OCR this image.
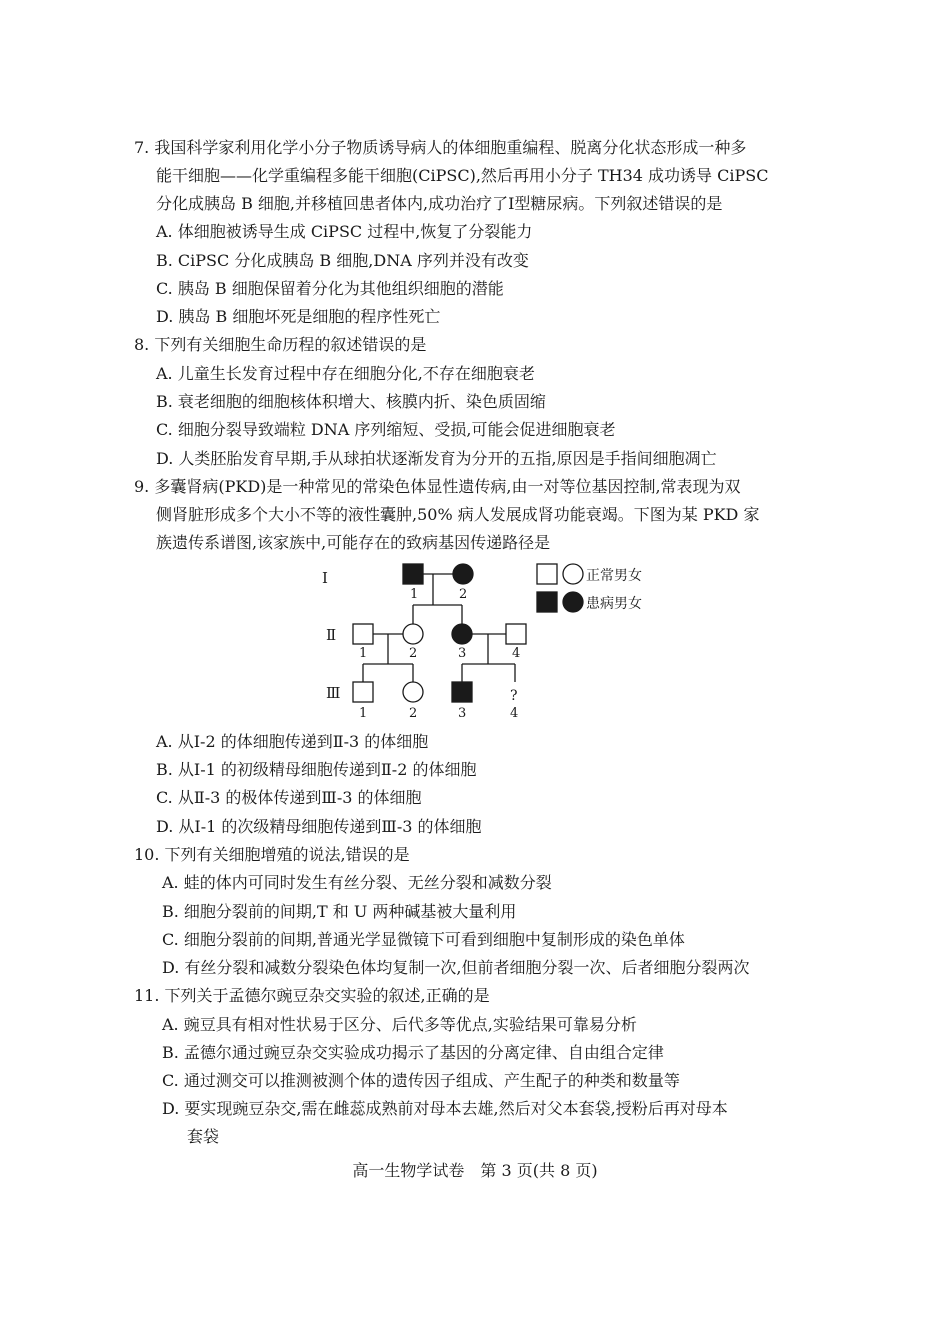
7. 我国科学家利用化学小分子物质诱导病人的体细胞重编程、脱离分化状态形成一种多
能干细胞——化学重编程多能干细胞(CiPSC),然后再用小分子 TH34 成功诱导 CiPSC
分化成胰岛 B 细胞,并移植回患者体内,成功治疗了Ⅰ型糖尿病。下列叙述错误的是
A. 体细胞被诱导生成 CiPSC 过程中,恢复了分裂能力
B. CiPSC 分化成胰岛 B 细胞,DNA 序列并没有改变
C. 胰岛 B 细胞保留着分化为其他组织细胞的潜能
D. 胰岛 B 细胞坏死是细胞的程序性死亡
8. 下列有关细胞生命历程的叙述错误的是
A. 儿童生长发育过程中存在细胞分化,不存在细胞衰老
B. 衰老细胞的细胞核体积增大、核膜内折、染色质固缩
C. 细胞分裂导致端粒 DNA 序列缩短、受损,可能会促进细胞衰老
D. 人类胚胎发育早期,手从球拍状逐渐发育为分开的五指,原因是手指间细胞凋亡
9. 多囊肾病(PKD)是一种常见的常染色体显性遗传病,由一对等位基因控制,常表现为双
侧肾脏形成多个大小不等的液性囊肿,50% 病人发展成肾功能衰竭。下图为某 PKD 家
族遗传系谱图,该家族中,可能存在的致病基因传递路径是
Ⅰ
Ⅱ
Ⅲ
1	2
1	2	3	4
?
1	2	3	4
正常男女
患病男女
A. 从Ⅰ-2 的体细胞传递到Ⅱ-3 的体细胞
B. 从Ⅰ-1 的初级精母细胞传递到Ⅱ-2 的体细胞
C. 从Ⅱ-3 的极体传递到Ⅲ-3 的体细胞
D. 从Ⅰ-1 的次级精母细胞传递到Ⅲ-3 的体细胞
10. 下列有关细胞增殖的说法,错误的是
A. 蛙的体内可同时发生有丝分裂、无丝分裂和减数分裂
B. 细胞分裂前的间期,T 和 U 两种碱基被大量利用
C. 细胞分裂前的间期,普通光学显微镜下可看到细胞中复制形成的染色单体
D. 有丝分裂和减数分裂染色体均复制一次,但前者细胞分裂一次、后者细胞分裂两次
11. 下列关于孟德尔豌豆杂交实验的叙述,正确的是
A. 豌豆具有相对性状易于区分、后代多等优点,实验结果可靠易分析
B. 孟德尔通过豌豆杂交实验成功揭示了基因的分离定律、自由组合定律
C. 通过测交可以推测被测个体的遗传因子组成、产生配子的种类和数量等
D. 要实现豌豆杂交,需在雌蕊成熟前对母本去雄,然后对父本套袋,授粉后再对母本
套袋
高一生物学试卷　第 3 页(共 8 页)
